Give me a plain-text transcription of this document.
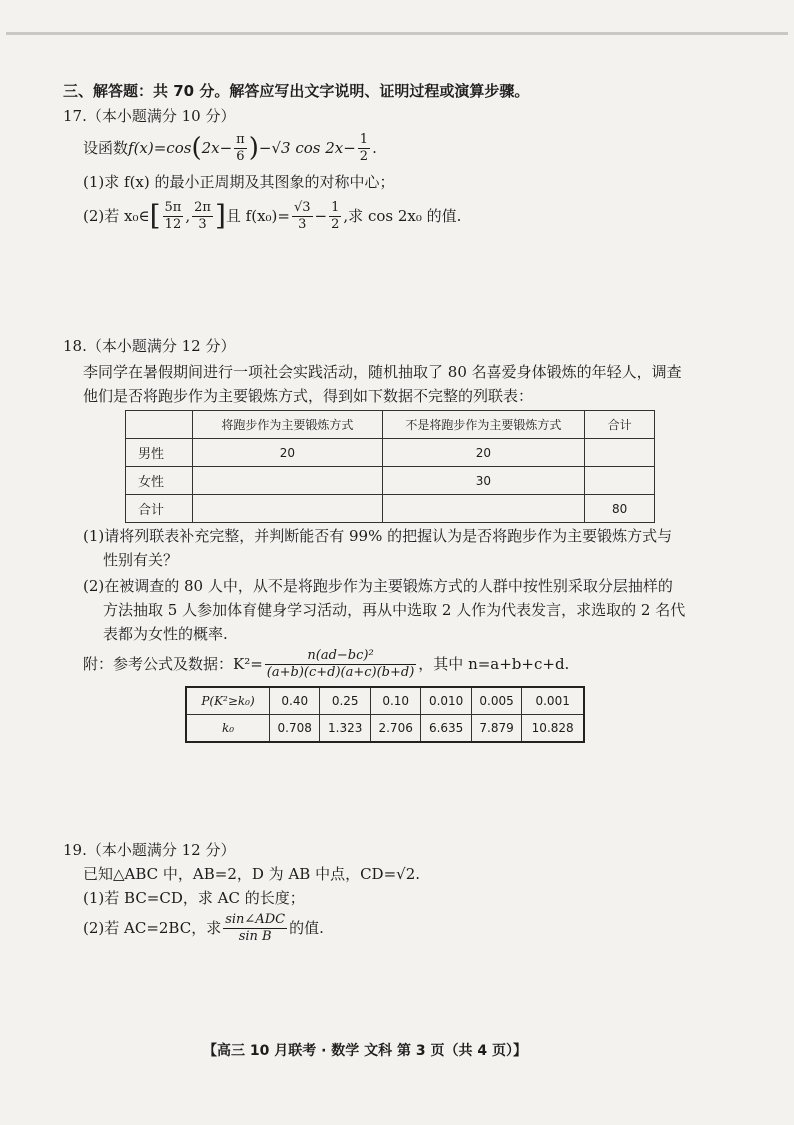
三、解答题：共 70 分。解答应写出文字说明、证明过程或演算步骤。
17.（本小题满分 10 分）
设函数 f(x)=cos ( $2x- \frac{\pi}{6}$ ) −√3 $\cos 2x- \frac{1}{2}$ .
(1)求 f(x) 的最小正周期及其图象的对称中心；
(2)若 x₀∈ [ $\frac{5\pi}{12}$ , $\frac{2\pi}{3}$ ] 且 $f(x_0)= \frac{√3}{3} - \frac{1}{2}$ ,求 cos 2x₀ 的值.
18.（本小题满分 12 分）
李同学在暑假期间进行一项社会实践活动，随机抽取了 80 名喜爱身体锻炼的年轻人，调查
他们是否将跑步作为主要锻炼方式，得到如下数据不完整的列联表：
	将跑步作为主要锻炼方式	不是将跑步作为主要锻炼方式	合计
男性	20	20	
女性		30	
合计			80
(1)请将列联表补充完整，并判断能否有 99% 的把握认为是否将跑步作为主要锻炼方式与
性别有关？
(2)在被调查的 80 人中，从不是将跑步作为主要锻炼方式的人群中按性别采取分层抽样的
方法抽取 5 人参加体育健身学习活动，再从中选取 2 人作为代表发言，求选取的 2 名代
表都为女性的概率.
附：参考公式及数据：$K^2= \frac{\text{n(ad−bc)²}}{(a+b)(c+d)(a+c)(b+d)}$ ，其中 n=a+b+c+d.
P(K²≥k₀)	0.40	0.25	0.10	0.010	0.005	0.001
k₀	0.708	1.323	2.706	6.635	7.879	10.828
19.（本小题满分 12 分）
已知△ABC 中，AB=2，D 为 AB 中点，CD=√2.
(1)若 BC=CD，求 AC 的长度；
(2)若 AC=2BC，求 $\frac{\text{sin∠ADC}}{\text{sin B}}$ 的值.
【高三 10 月联考 · 数学 文科 第 3 页（共 4 页）】
